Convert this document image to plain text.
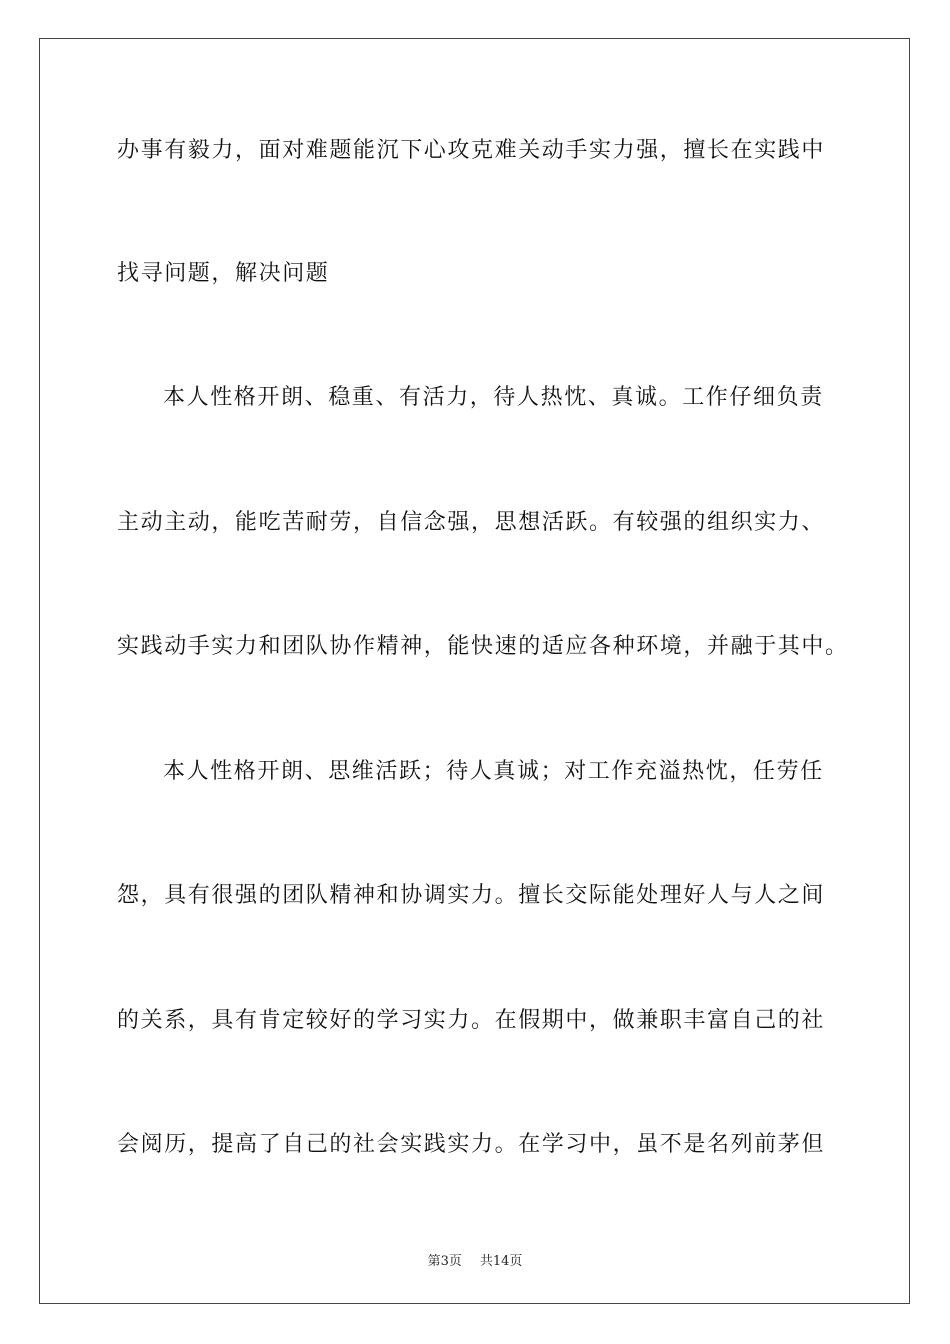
办事有毅力，面对难题能沉下心攻克难关动手实力强，擅长在实践中
找寻问题，解决问题
本人性格开朗、稳重、有活力，待人热忱、真诚。工作仔细负责
主动主动，能吃苦耐劳，自信念强，思想活跃。有较强的组织实力、
实践动手实力和团队协作精神，能快速的适应各种环境，并融于其中。
本人性格开朗、思维活跃；待人真诚；对工作充溢热忱，任劳任
怨，具有很强的团队精神和协调实力。擅长交际能处理好人与人之间
的关系，具有肯定较好的学习实力。在假期中，做兼职丰富自己的社
会阅历，提高了自己的社会实践实力。在学习中，虽不是名列前茅但
第3页 共14页
